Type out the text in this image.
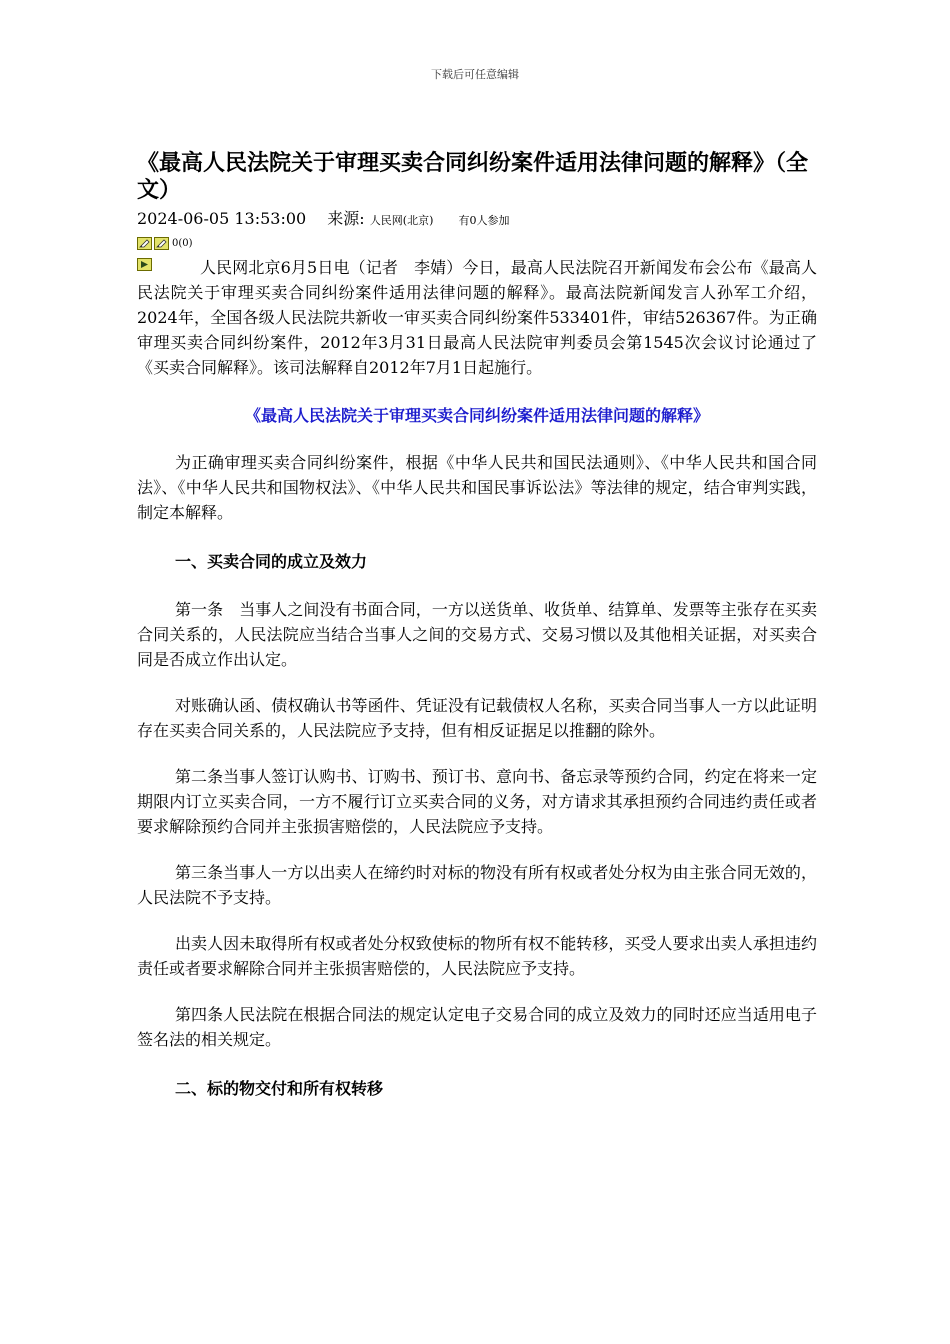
下载后可任意编辑
《最高人民法院关于审理买卖合同纠纷案件适用法律问题的解释》（全文）
2024-06-05 13:53:00 来源: 人民网(北京) 有0人参加
0(0)
人民网北京6月5日电（记者　李婧）今日，最高人民法院召开新闻发布会公布《最高人民法院关于审理买卖合同纠纷案件适用法律问题的解释》。最高法院新闻发言人孙军工介绍，2024年，全国各级人民法院共新收一审买卖合同纠纷案件533401件，审结526367件。为正确审理买卖合同纠纷案件，2012年3月31日最高人民法院审判委员会第1545次会议讨论通过了《买卖合同解释》。该司法解释自2012年7月1日起施行。
《最高人民法院关于审理买卖合同纠纷案件适用法律问题的解释》
为正确审理买卖合同纠纷案件，根据《中华人民共和国民法通则》、《中华人民共和国合同法》、《中华人民共和国物权法》、《中华人民共和国民事诉讼法》等法律的规定，结合审判实践，制定本解释。
一、买卖合同的成立及效力
第一条　当事人之间没有书面合同，一方以送货单、收货单、结算单、发票等主张存在买卖合同关系的，人民法院应当结合当事人之间的交易方式、交易习惯以及其他相关证据，对买卖合同是否成立作出认定。
对账确认函、债权确认书等函件、凭证没有记载债权人名称，买卖合同当事人一方以此证明存在买卖合同关系的，人民法院应予支持，但有相反证据足以推翻的除外。
第二条当事人签订认购书、订购书、预订书、意向书、备忘录等预约合同，约定在将来一定期限内订立买卖合同，一方不履行订立买卖合同的义务，对方请求其承担预约合同违约责任或者要求解除预约合同并主张损害赔偿的，人民法院应予支持。
第三条当事人一方以出卖人在缔约时对标的物没有所有权或者处分权为由主张合同无效的，人民法院不予支持。
出卖人因未取得所有权或者处分权致使标的物所有权不能转移，买受人要求出卖人承担违约责任或者要求解除合同并主张损害赔偿的，人民法院应予支持。
第四条人民法院在根据合同法的规定认定电子交易合同的成立及效力的同时还应当适用电子签名法的相关规定。
二、标的物交付和所有权转移
